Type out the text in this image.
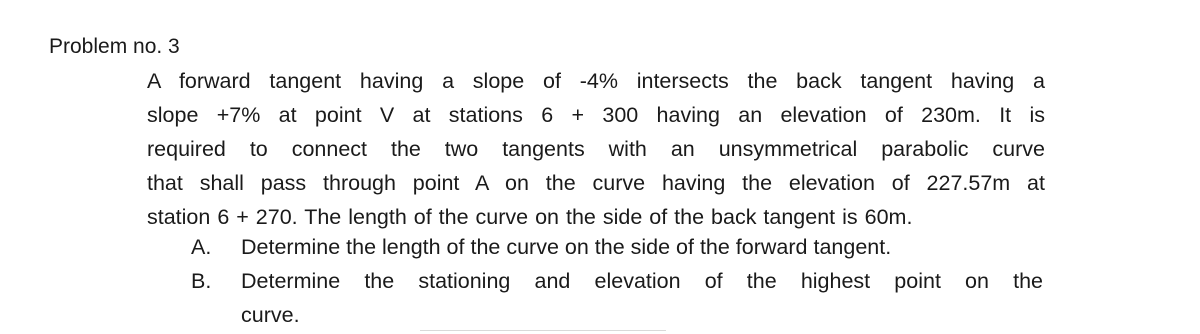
Problem no. 3
A forward tangent having a slope of -4% intersects the back tangent having a
slope +7% at point V at stations 6 + 300 having an elevation of 230m. It is
required to connect the two tangents with an unsymmetrical parabolic curve
that shall pass through point A on the curve having the elevation of 227.57m at
station 6 + 270. The length of the curve on the side of the back tangent is 60m.
A. Determine the length of the curve on the side of the forward tangent.
B. Determine the stationing and elevation of the highest point on the
curve.
